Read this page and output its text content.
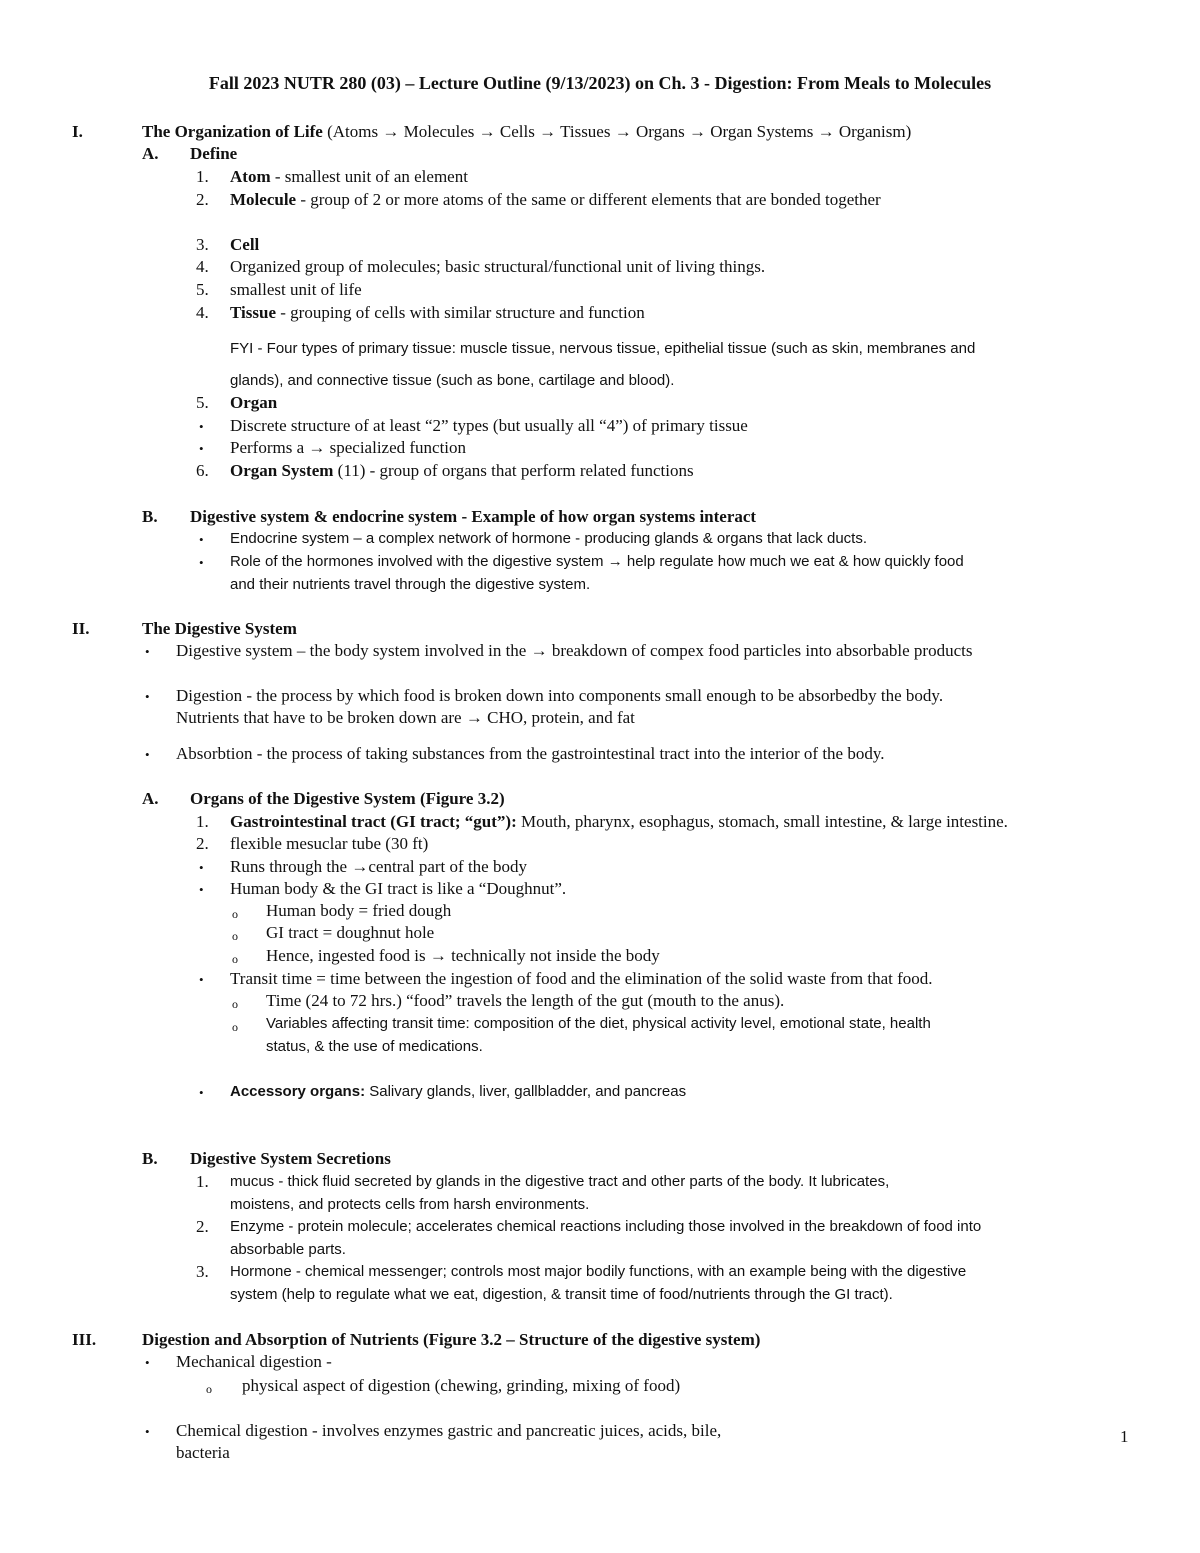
Fall 2023 NUTR 280 (03) – Lecture Outline (9/13/2023) on Ch. 3 - Digestion: From Meals to Molecules
I.	The Organization of Life (Atoms → Molecules → Cells → Tissues → Organs → Organ Systems → Organism)
A. Define
1. Atom - smallest unit of an element
2. Molecule - group of 2 or more atoms of the same or different elements that are bonded together
3. Cell
4. Organized group of molecules; basic structural/functional unit of living things.
5. smallest unit of life
4. Tissue - grouping of cells with similar structure and function
FYI - Four types of primary tissue: muscle tissue, nervous tissue, epithelial tissue (such as skin, membranes and
glands), and connective tissue (such as bone, cartilage and blood).
5. Organ
• Discrete structure of at least “2” types (but usually all “4”) of primary tissue
• Performs a → specialized function
6. Organ System (11) - group of organs that perform related functions
B. Digestive system & endocrine system - Example of how organ systems interact
• Endocrine system – a complex network of hormone - producing glands & organs that lack ducts.
• Role of the hormones involved with the digestive system → help regulate how much we eat & how quickly food
and their nutrients travel through the digestive system.
II.	The Digestive System
• Digestive system – the body system involved in the → breakdown of compex food particles into absorbable products
• Digestion - the process by which food is broken down into components small enough to be absorbedby the body.
Nutrients that have to be broken down are → CHO, protein, and fat
• Absorbtion - the process of taking substances from the gastrointestinal tract into the interior of the body.
A. Organs of the Digestive System (Figure 3.2)
1. Gastrointestinal tract (GI tract; “gut”): Mouth, pharynx, esophagus, stomach, small intestine, & large intestine.
2. flexible mesuclar tube (30 ft)
• Runs through the →central part of the body
• Human body & the GI tract is like a “Doughnut”.
o Human body = fried dough
o GI tract = doughnut hole
o Hence, ingested food is → technically not inside the body
• Transit time = time between the ingestion of food and the elimination of the solid waste from that food.
o Time (24 to 72 hrs.) “food” travels the length of the gut (mouth to the anus).
o Variables affecting transit time: composition of the diet, physical activity level, emotional state, health
status, & the use of medications.
• Accessory organs: Salivary glands, liver, gallbladder, and pancreas
B. Digestive System Secretions
1. mucus - thick fluid secreted by glands in the digestive tract and other parts of the body. It lubricates,
moistens, and protects cells from harsh environments.
2. Enzyme - protein molecule; accelerates chemical reactions including those involved in the breakdown of food into
absorbable parts.
3. Hormone - chemical messenger; controls most major bodily functions, with an example being with the digestive
system (help to regulate what we eat, digestion, & transit time of food/nutrients through the GI tract).
III.	Digestion and Absorption of Nutrients (Figure 3.2 – Structure of the digestive system)
• Mechanical digestion -
o physical aspect of digestion (chewing, grinding, mixing of food)
• Chemical digestion - involves enzymes gastric and pancreatic juices, acids, bile,
bacteria
1
